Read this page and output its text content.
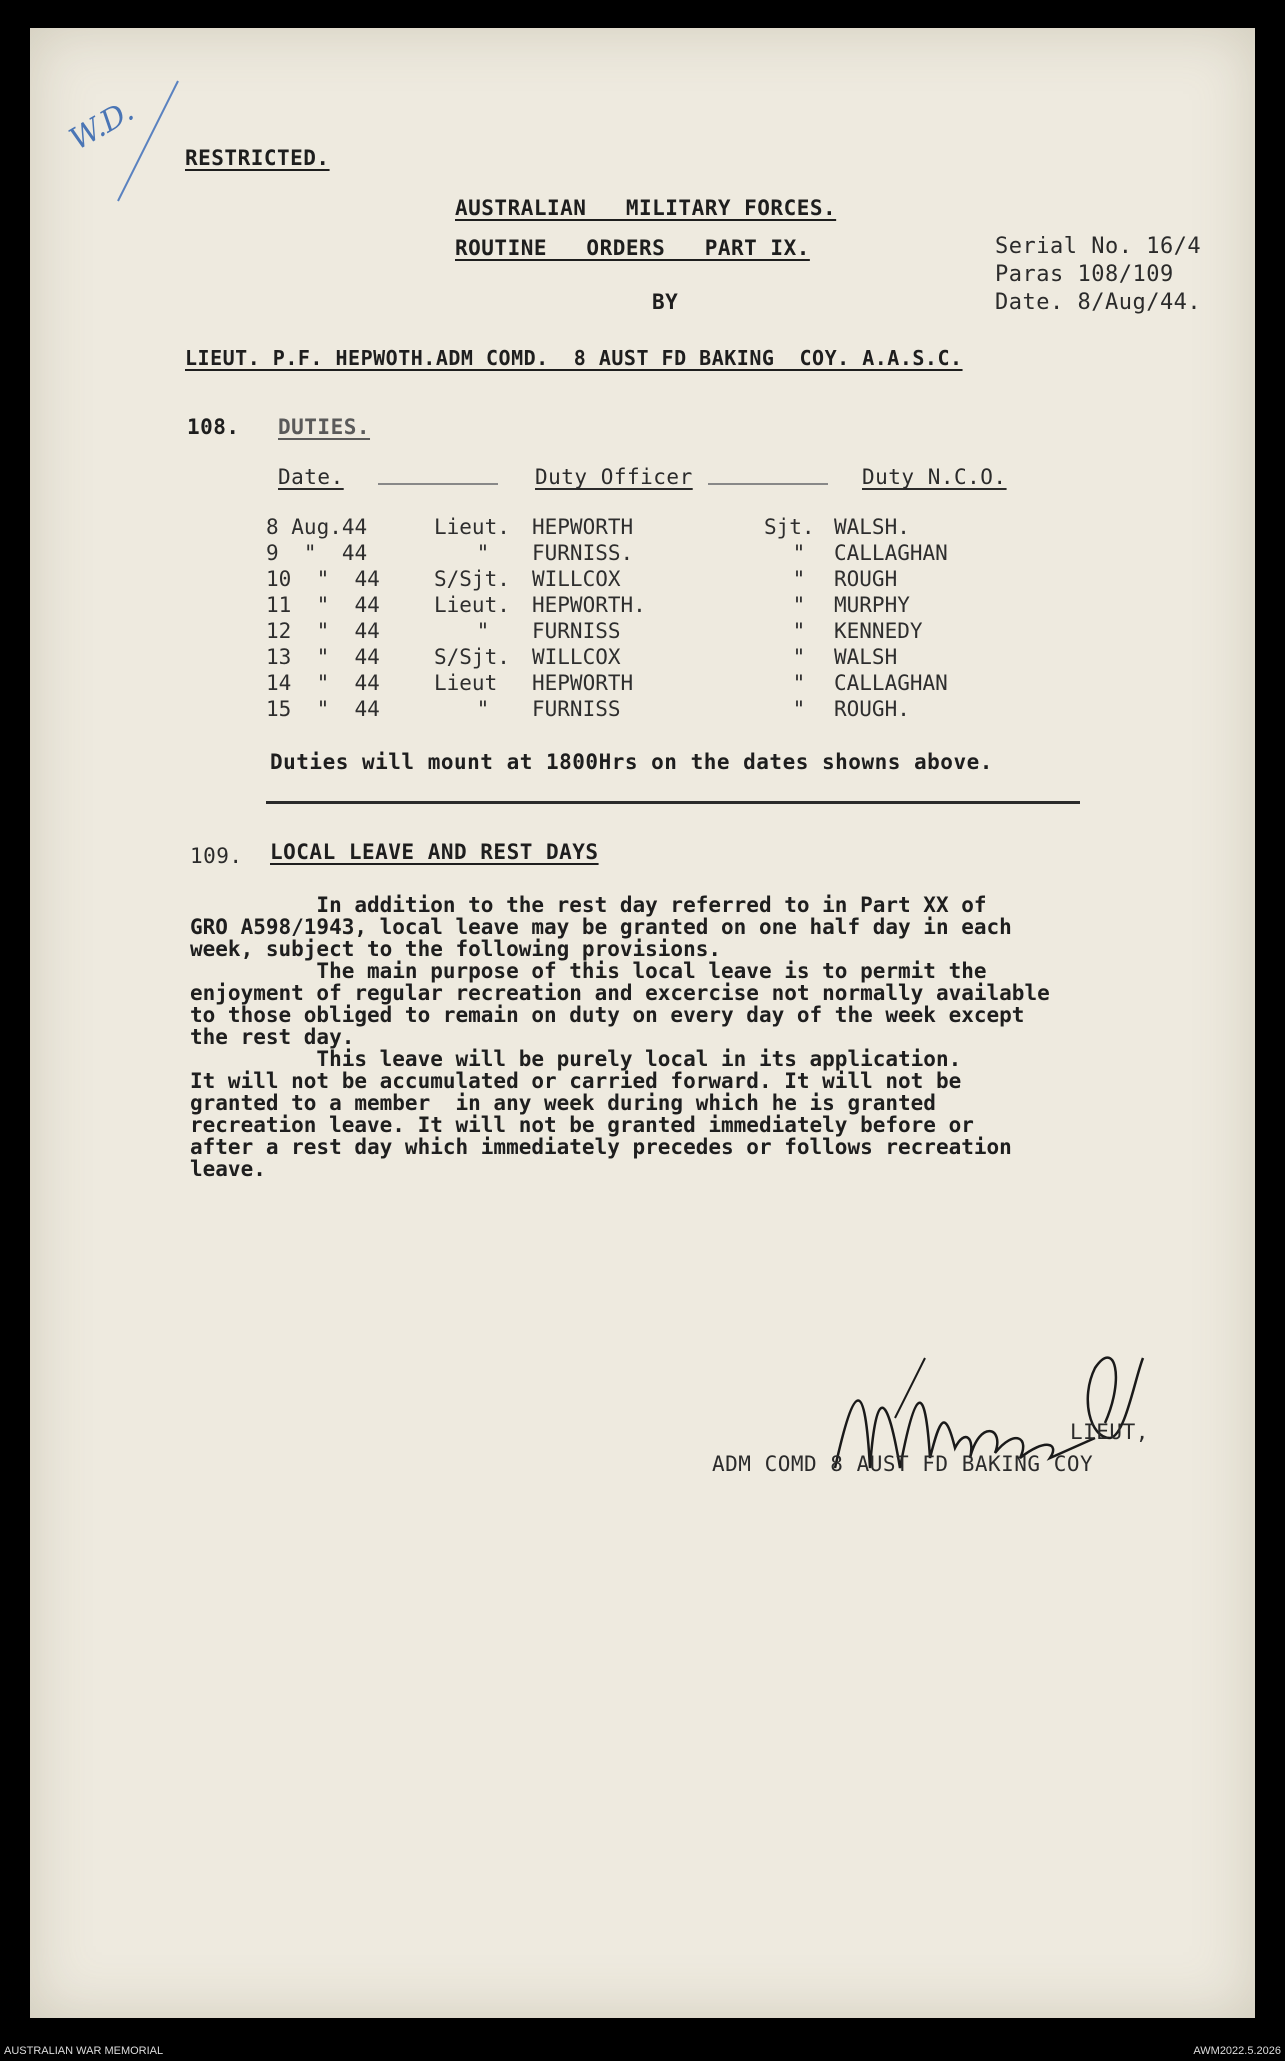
W.D.
RESTRICTED.
AUSTRALIAN   MILITARY FORCES.
ROUTINE   ORDERS   PART IX.
BY
Serial No. 16/4
Paras 108/109
Date. 8/Aug/44.
LIEUT. P.F. HEPWOTH.ADM COMD.  8 AUST FD BAKING  COY. A.A.S.C.
108. DUTIES.
Date.	Duty Officer	Duty N.C.O.
8 Aug.44	Lieut.	HEPWORTH	Sjt.	WALSH.
9  "  44	"	FURNISS.	"	CALLAGHAN
10  "  44	S/Sjt.	WILLCOX	"	ROUGH
11  "  44	Lieut.	HEPWORTH.	"	MURPHY
12  "  44	"	FURNISS	"	KENNEDY
13  "  44	S/Sjt.	WILLCOX	"	WALSH
14  "  44	Lieut	HEPWORTH	"	CALLAGHAN
15  "  44	"	FURNISS	"	ROUGH.
Duties will mount at 1800Hrs on the dates showns above.
109. LOCAL LEAVE AND REST DAYS

In addition to the rest day referred to in Part XX of

GRO A598/1943, local leave may be granted on one half day in each

week, subject to the following provisions.

The main purpose of this local leave is to permit the

enjoyment of regular recreation and excercise not normally available

to those obliged to remain on duty on every day of the week except

the rest day.

This leave will be purely local in its application.

It will not be accumulated or carried forward. It will not be

granted to a member  in any week during which he is granted

recreation leave. It will not be granted immediately before or

after a rest day which immediately precedes or follows recreation

leave.

LIEUT,
ADM COMD 8 AUST FD BAKING COY
AUSTRALIAN WAR MEMORIAL	AWM2022.5.2026
